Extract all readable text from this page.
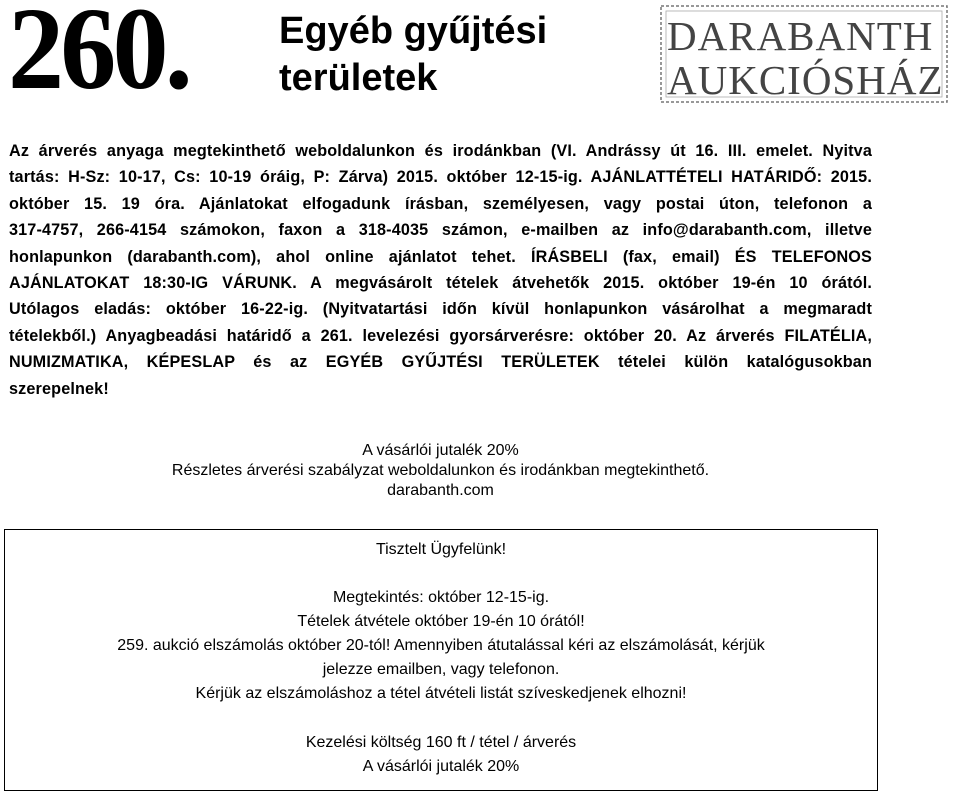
260. Egyéb gyűjtési
területek
DARABANTH
AUKCIÓSHÁZ
Az árverés anyaga megtekinthető weboldalunkon és irodánkban (VI. Andrássy út 16. III. emelet. Nyitva
tartás: H-Sz: 10-17, Cs: 10-19 óráig, P: Zárva) 2015. október 12-15-ig. AJÁNLATTÉTELI HATÁRIDŐ: 2015.
október 15. 19 óra. Ajánlatokat elfogadunk írásban, személyesen, vagy postai úton, telefonon a
317-4757, 266-4154 számokon, faxon a 318-4035 számon, e-mailben az info@darabanth.com, illetve
honlapunkon (darabanth.com), ahol online ajánlatot tehet. ÍRÁSBELI (fax, email) ÉS TELEFONOS
AJÁNLATOKAT 18:30-IG VÁRUNK. A megvásárolt tételek átvehetők 2015. október 19-én 10 órától.
Utólagos eladás: október 16-22-ig. (Nyitvatartási időn kívül honlapunkon vásárolhat a megmaradt
tételekből.) Anyagbeadási határidő a 261. levelezési gyorsárverésre: október 20. Az árverés FILATÉLIA,
NUMIZMATIKA, KÉPESLAP és az EGYÉB GYŰJTÉSI TERÜLETEK tételei külön katalógusokban
szerepelnek!
A vásárlói jutalék 20%
Részletes árverési szabályzat weboldalunkon és irodánkban megtekinthető.
darabanth.com

Tisztelt Ügyfelünk!

Megtekintés: október 12-15-ig.

Tételek átvétele október 19-én 10 órától!

259. aukció elszámolás október 20-tól! Amennyiben átutalással kéri az elszámolását, kérjük

jelezze emailben, vagy telefonon.

Kérjük az elszámoláshoz a tétel átvételi listát szíveskedjenek elhozni!

Kezelési költség 160 ft / tétel / árverés

A vásárlói jutalék 20%
